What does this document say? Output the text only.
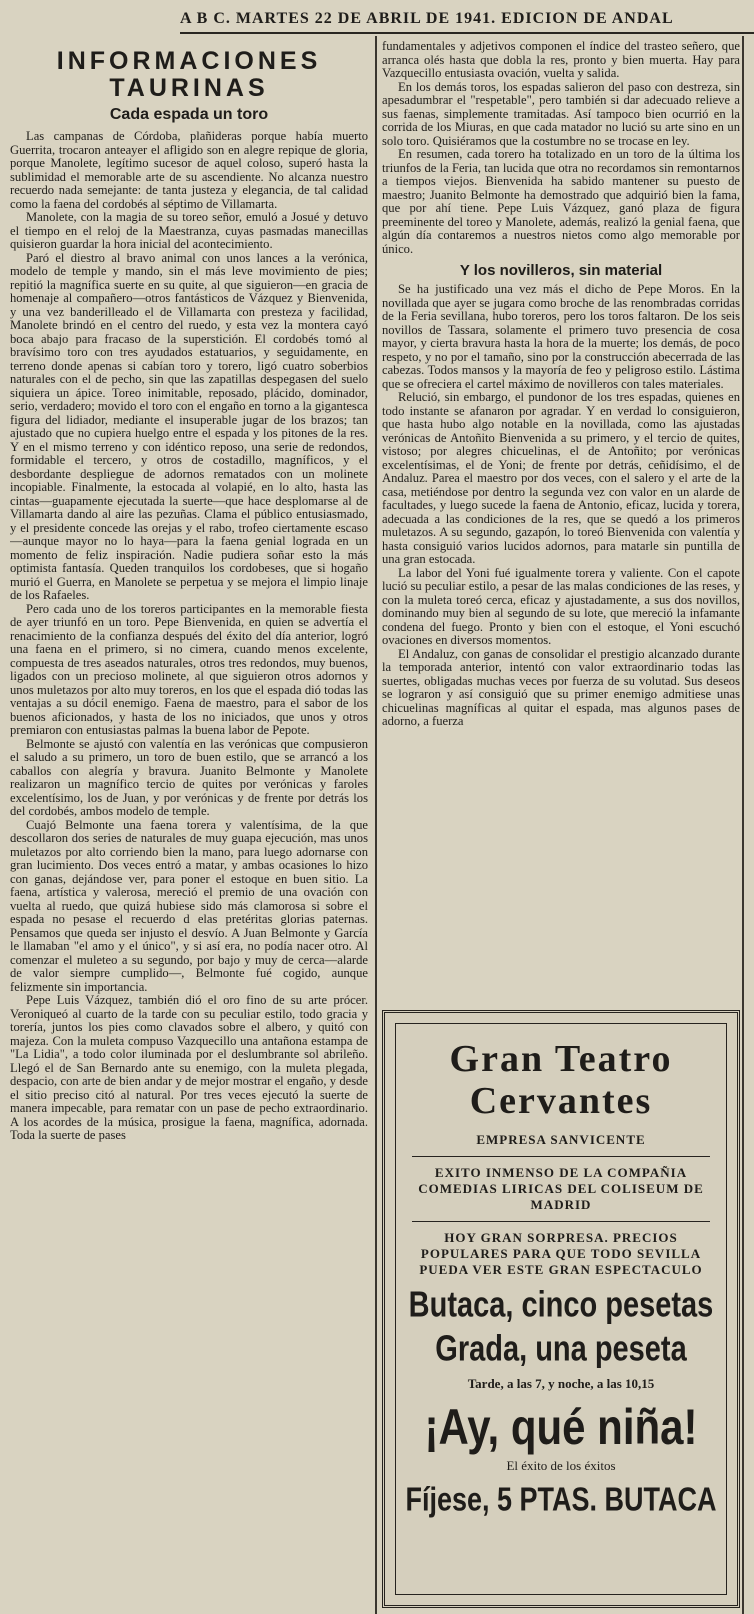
A B C. MARTES 22 DE ABRIL DE 1941. EDICION DE ANDAL
INFORMACIONES
TAURINAS
Cada espada un toro

Las campanas de Córdoba, plañideras porque había muerto Guerrita, trocaron anteayer el afligido son en alegre repique de gloria, porque Manolete, legítimo sucesor de aquel coloso, superó hasta la sublimidad el memorable arte de su ascendiente. No alcanza nuestro recuerdo nada semejante: de tanta justeza y elegancia, de tal calidad como la faena del cordobés al séptimo de Villamarta.

Manolete, con la magia de su toreo señor, emuló a Josué y detuvo el tiempo en el reloj de la Maestranza, cuyas pasmadas manecillas quisieron guardar la hora inicial del acontecimiento.

Paró el diestro al bravo animal con unos lances a la verónica, modelo de temple y mando, sin el más leve movimiento de pies; repitió la magnífica suerte en su quite, al que siguieron—en gracia de homenaje al compañero—otros fantásticos de Vázquez y Bienvenida, y una vez banderilleado el de Villamarta con presteza y facilidad, Manolete brindó en el centro del ruedo, y esta vez la montera cayó boca abajo para fracaso de la superstición. El cordobés tomó al bravísimo toro con tres ayudados estatuarios, y seguidamente, en terreno donde apenas si cabían toro y torero, ligó cuatro soberbios naturales con el de pecho, sin que las zapatillas despegasen del suelo siquiera un ápice. Toreo inimitable, reposado, plácido, dominador, serio, verdadero; movido el toro con el engaño en torno a la gigantesca figura del lidiador, mediante el insuperable jugar de los brazos; tan ajustado que no cupiera huelgo entre el espada y los pitones de la res. Y en el mismo terreno y con idéntico reposo, una serie de redondos, formidable el tercero, y otros de costadillo, magníficos, y el desbordante despliegue de adornos rematados con un molinete incopiable. Finalmente, la estocada al volapié, en lo alto, hasta las cintas—guapamente ejecutada la suerte—que hace desplomarse al de Villamarta dando al aire las pezuñas. Clama el público entusiasmado, y el presidente concede las orejas y el rabo, trofeo ciertamente escaso—aunque mayor no lo haya—para la faena genial lograda en un momento de feliz inspiración. Nadie pudiera soñar esto la más optimista fantasía. Queden tranquilos los cordobeses, que si hogaño murió el Guerra, en Manolete se perpetua y se mejora el limpio linaje de los Rafaeles.

Pero cada uno de los toreros participantes en la memorable fiesta de ayer triunfó en un toro. Pepe Bienvenida, en quien se advertía el renacimiento de la confianza después del éxito del día anterior, logró una faena en el primero, si no cimera, cuando menos excelente, compuesta de tres aseados naturales, otros tres redondos, muy buenos, ligados con un precioso molinete, al que siguieron otros adornos y unos muletazos por alto muy toreros, en los que el espada dió todas las ventajas a su dócil enemigo. Faena de maestro, para el sabor de los buenos aficionados, y hasta de los no iniciados, que unos y otros premiaron con entusiastas palmas la buena labor de Pepote.

Belmonte se ajustó con valentía en las verónicas que compusieron el saludo a su primero, un toro de buen estilo, que se arrancó a los caballos con alegría y bravura. Juanito Belmonte y Manolete realizaron un magnífico tercio de quites por verónicas y faroles excelentísimo, los de Juan, y por verónicas y de frente por detrás los del cordobés, ambos modelo de temple.

Cuajó Belmonte una faena torera y valentísima, de la que descollaron dos series de naturales de muy guapa ejecución, mas unos muletazos por alto corriendo bien la mano, para luego adornarse con gran lucimiento. Dos veces entró a matar, y ambas ocasiones lo hizo con ganas, dejándose ver, para poner el estoque en buen sitio. La faena, artística y valerosa, mereció el premio de una ovación con vuelta al ruedo, que quizá hubiese sido más clamorosa si sobre el espada no pesase el recuerdo d elas pretéritas glorias paternas. Pensamos que queda ser injusto el desvío. A Juan Belmonte y García le llamaban "el amo y el único", y si así era, no podía nacer otro. Al comenzar el muleteo a su segundo, por bajo y muy de cerca—alarde de valor siempre cumplido—, Belmonte fué cogido, aunque felizmente sin importancia.

Pepe Luis Vázquez, también dió el oro fino de su arte prócer. Veroniqueó al cuarto de la tarde con su peculiar estilo, todo gracia y torería, juntos los pies como clavados sobre el albero, y quitó con majeza. Con la muleta compuso Vazquecillo una antañona estampa de "La Lidia", a todo color iluminada por el deslumbrante sol abrileño. Llegó el de San Bernardo ante su enemigo, con la muleta plegada, despacio, con arte de bien andar y de mejor mostrar el engaño, y desde el sitio preciso citó al natural. Por tres veces ejecutó la suerte de manera impecable, para rematar con un pase de pecho extraordinario. A los acordes de la música, prosigue la faena, magnífica, adornada. Toda la suerte de pases

fundamentales y adjetivos componen el índice del trasteo señero, que arranca olés hasta que dobla la res, pronto y bien muerta. Hay para Vazquecillo entusiasta ovación, vuelta y salida.

En los demás toros, los espadas salieron del paso con destreza, sin apesadumbrar el "respetable", pero también si dar adecuado relieve a sus faenas, simplemente tramitadas. Así tampoco bien ocurrió en la corrida de los Miuras, en que cada matador no lució su arte sino en un solo toro. Quisiéramos que la costumbre no se trocase en ley.

En resumen, cada torero ha totalizado en un toro de la última los triunfos de la Feria, tan lucida que otra no recordamos sin remontarnos a tiempos viejos. Bienvenida ha sabido mantener su puesto de maestro; Juanito Belmonte ha demostrado que adquirió bien la fama, que por ahí tiene. Pepe Luis Vázquez, ganó plaza de figura preeminente del toreo y Manolete, además, realizó la genial faena, que algún día contaremos a nuestros nietos como algo memorable por único.

Y los novilleros, sin material

Se ha justificado una vez más el dicho de Pepe Moros. En la novillada que ayer se jugara como broche de las renombradas corridas de la Feria sevillana, hubo toreros, pero los toros faltaron. De los seis novillos de Tassara, solamente el primero tuvo presencia de cosa mayor, y cierta bravura hasta la hora de la muerte; los demás, de poco respeto, y no por el tamaño, sino por la construcción abecerrada de las cabezas. Todos mansos y la mayoría de feo y peligroso estilo. Lástima que se ofreciera el cartel máximo de novilleros con tales materiales.

Relució, sin embargo, el pundonor de los tres espadas, quienes en todo instante se afanaron por agradar. Y en verdad lo consiguieron, que hasta hubo algo notable en la novillada, como las ajustadas verónicas de Antoñito Bienvenida a su primero, y el tercio de quites, vistoso; por alegres chicuelinas, el de Antoñito; por verónicas excelentísimas, el de Yoni; de frente por detrás, ceñidísimo, el de Andaluz. Parea el maestro por dos veces, con el salero y el arte de la casa, metiéndose por dentro la segunda vez con valor en un alarde de facultades, y luego sucede la faena de Antonio, eficaz, lucida y torera, adecuada a las condiciones de la res, que se quedó a los primeros muletazos. A su segundo, gazapón, lo toreó Bienvenida con valentía y hasta consiguió varios lucidos adornos, para matarle sin puntilla de una gran estocada.

La labor del Yoni fué igualmente torera y valiente. Con el capote lució su peculiar estilo, a pesar de las malas condiciones de las reses, y con la muleta toreó cerca, eficaz y ajustadamente, a sus dos novillos, dominando muy bien al segundo de su lote, que mereció la infamante condena del fuego. Pronto y bien con el estoque, el Yoni escuchó ovaciones en diversos momentos.

El Andaluz, con ganas de consolidar el prestigio alcanzado durante la temporada anterior, intentó con valor extraordinario todas las suertes, obligadas muchas veces por fuerza de su volutad. Sus deseos se lograron y así consiguió que su primer enemigo admitiese unas chicuelinas magníficas al quitar el espada, mas algunos pases de adorno, a fuerza

Gran Teatro
Cervantes
EMPRESA SANVICENTE
EXITO INMENSO DE LA COMPAÑIA COMEDIAS LIRICAS DEL COLISEUM DE MADRID
HOY GRAN SORPRESA. PRECIOS POPULARES PARA QUE TODO SEVILLA PUEDA VER ESTE GRAN ESPECTACULO
Butaca, cinco pesetas
Grada, una peseta
Tarde, a las 7, y noche, a las 10,15
¡Ay, qué niña!
El éxito de los éxitos
Fíjese, 5 PTAS. BUTACA
